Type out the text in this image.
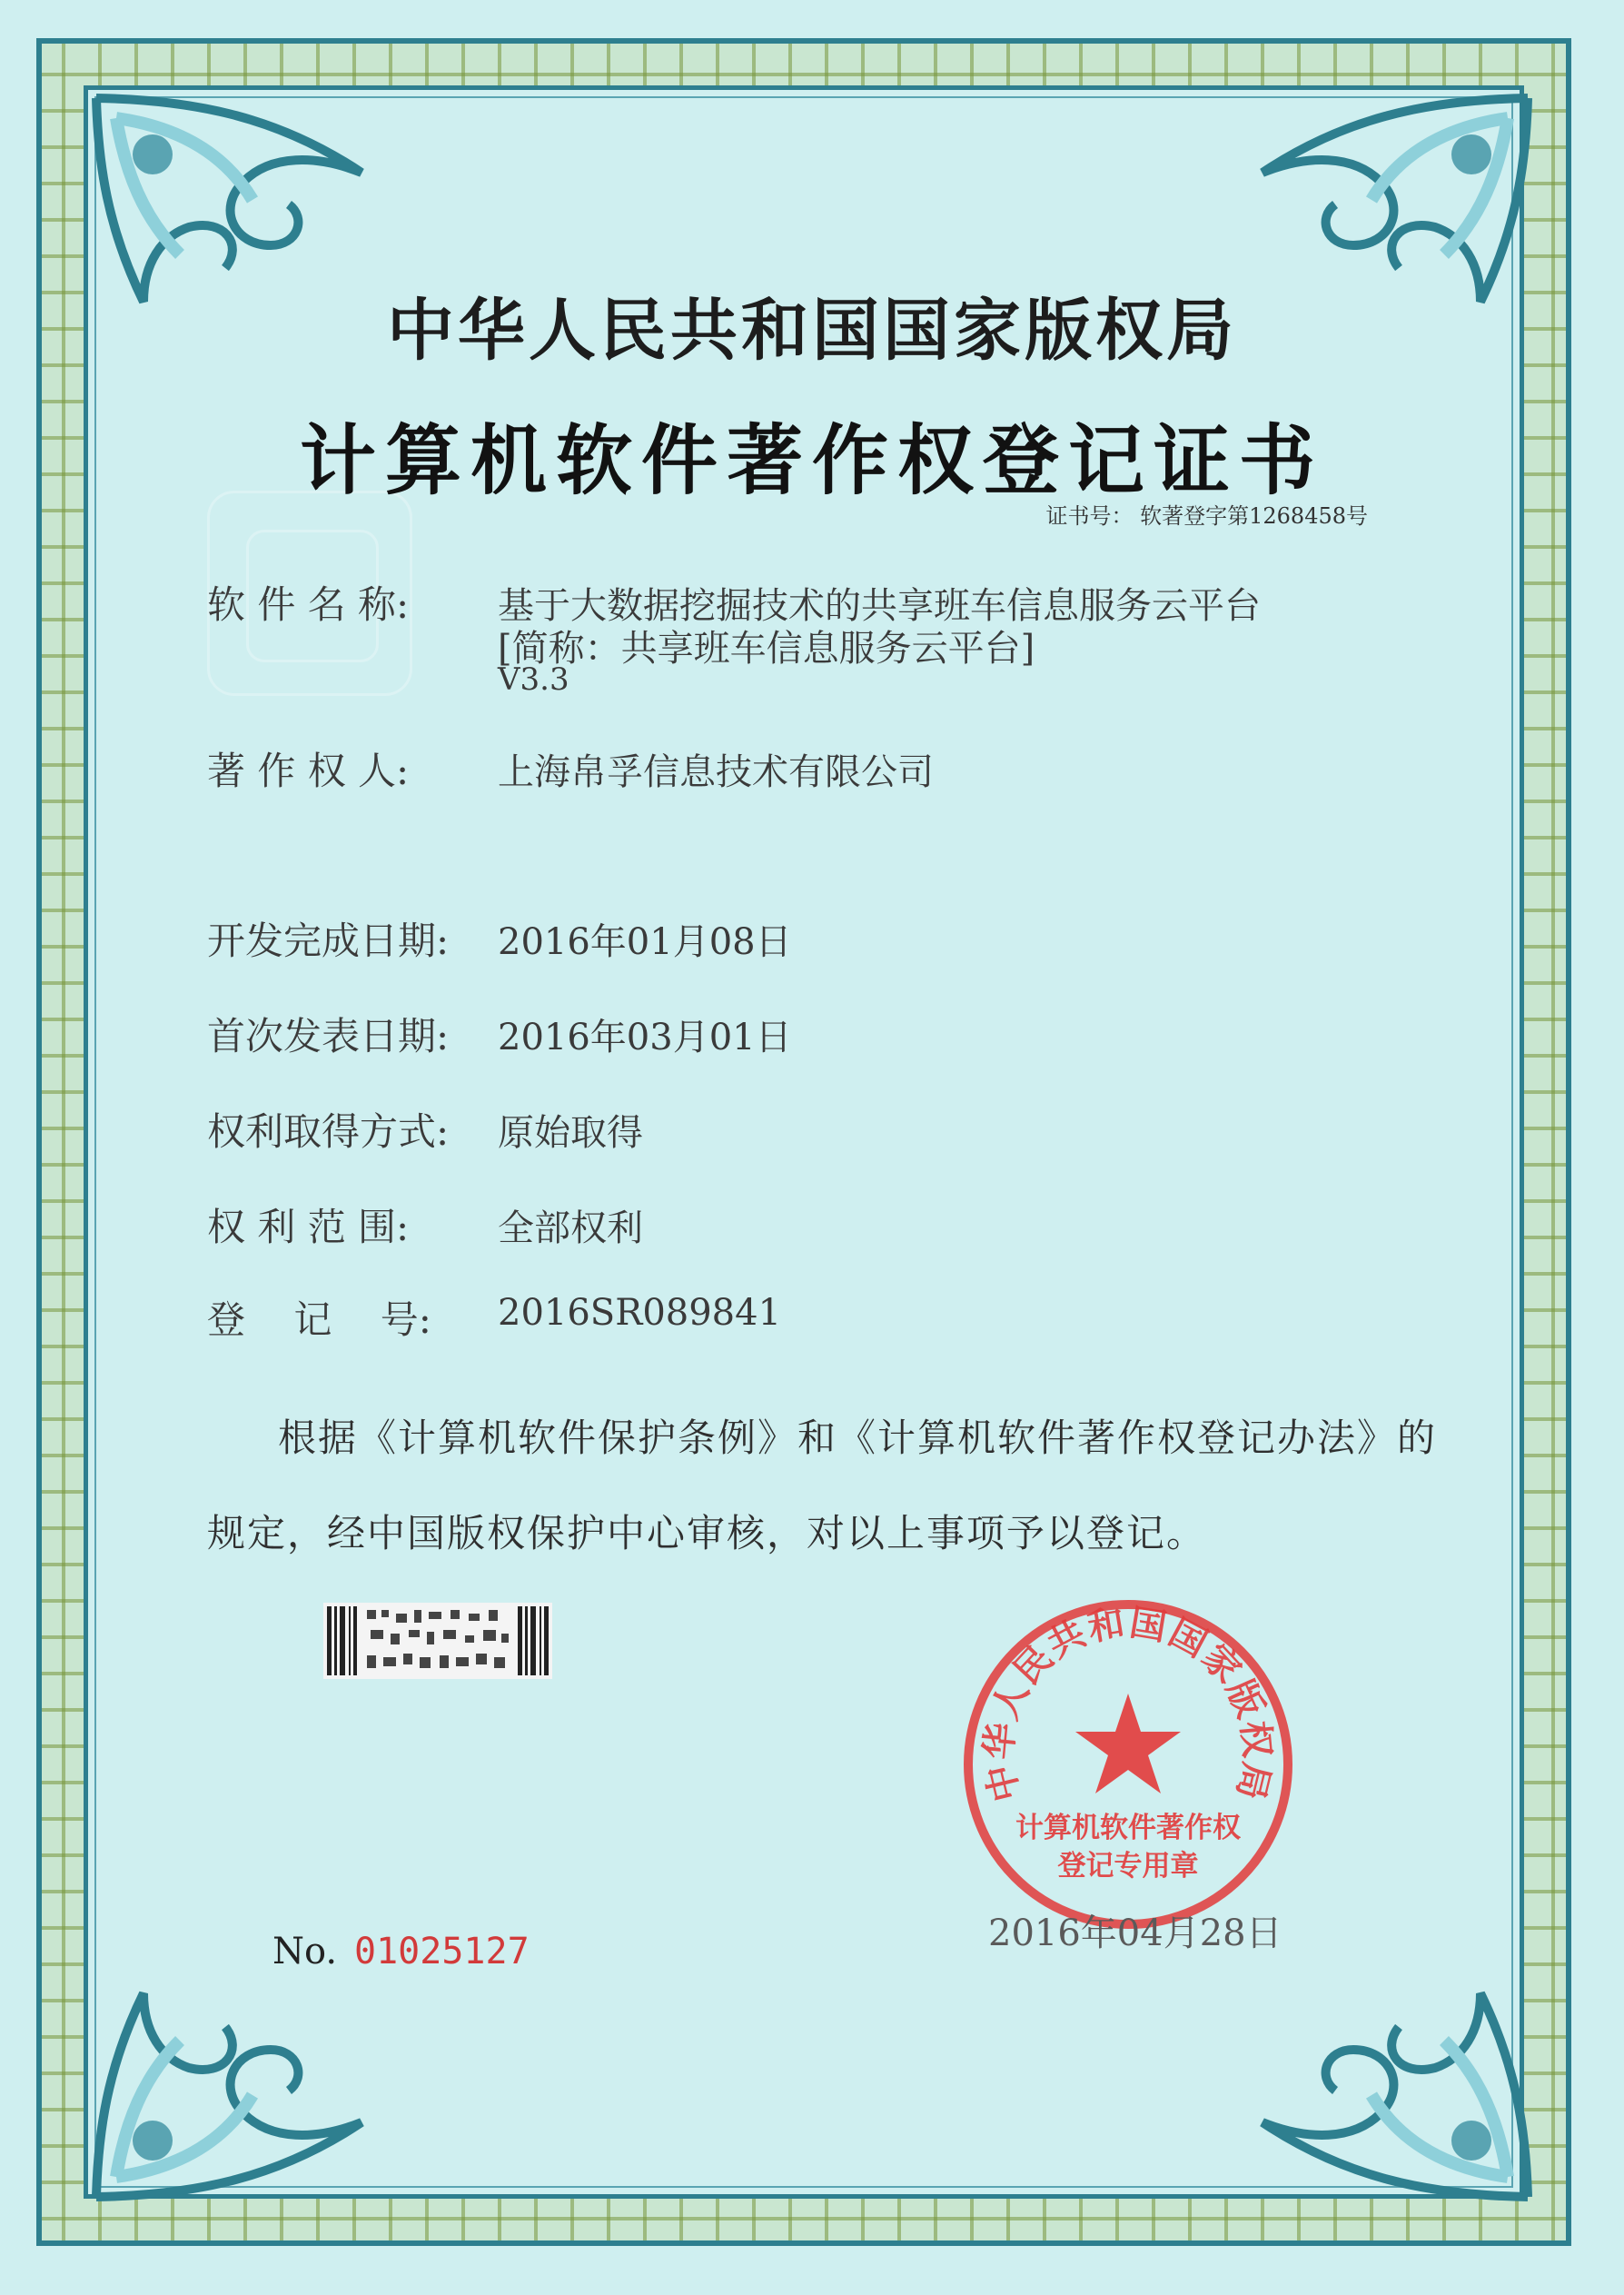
中华人民共和国国家版权局
计算机软件著作权登记证书
证书号： 软著登字第1268458号
软 件 名 称: 基于大数据挖掘技术的共享班车信息服务云平台
[简称：共享班车信息服务云平台]
V3.3
著 作 权 人: 上海帛孚信息技术有限公司
开发完成日期: 2016年01月08日
首次发表日期: 2016年03月01日
权利取得方式: 原始取得
权 利 范 围: 全部权利
登    记    号: 2016SR089841
根据《计算机软件保护条例》和《计算机软件著作权登记办法》的
规定，经中国版权保护中心审核，对以上事项予以登记。
No. 01025127
中华人民共和国国家版权局
计算机软件著作权
登记专用章
2016年04月28日
